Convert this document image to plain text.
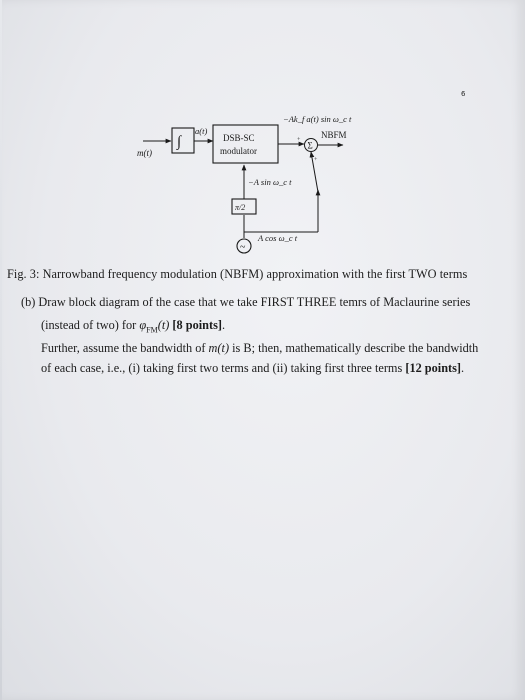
6
m(t)
∫
a(t)
DSB-SC
modulator
−Ak_f a(t) sin ω_c t
+
Σ
NBFM
−A sin ω_c t
π/2
~
+
A cos ω_c t
Fig. 3: Narrowband frequency modulation (NBFM) approximation with the first TWO terms
(b) Draw block diagram of the case that we take FIRST THREE temrs of Maclaurine series
(instead of two) for $\varphi_{FM}(t)$ [8 points].
Further, assume the bandwidth of m(t) is B; then, mathematically describe the bandwidth
of each case, i.e., (i) taking first two terms and (ii) taking first three terms [12 points].
